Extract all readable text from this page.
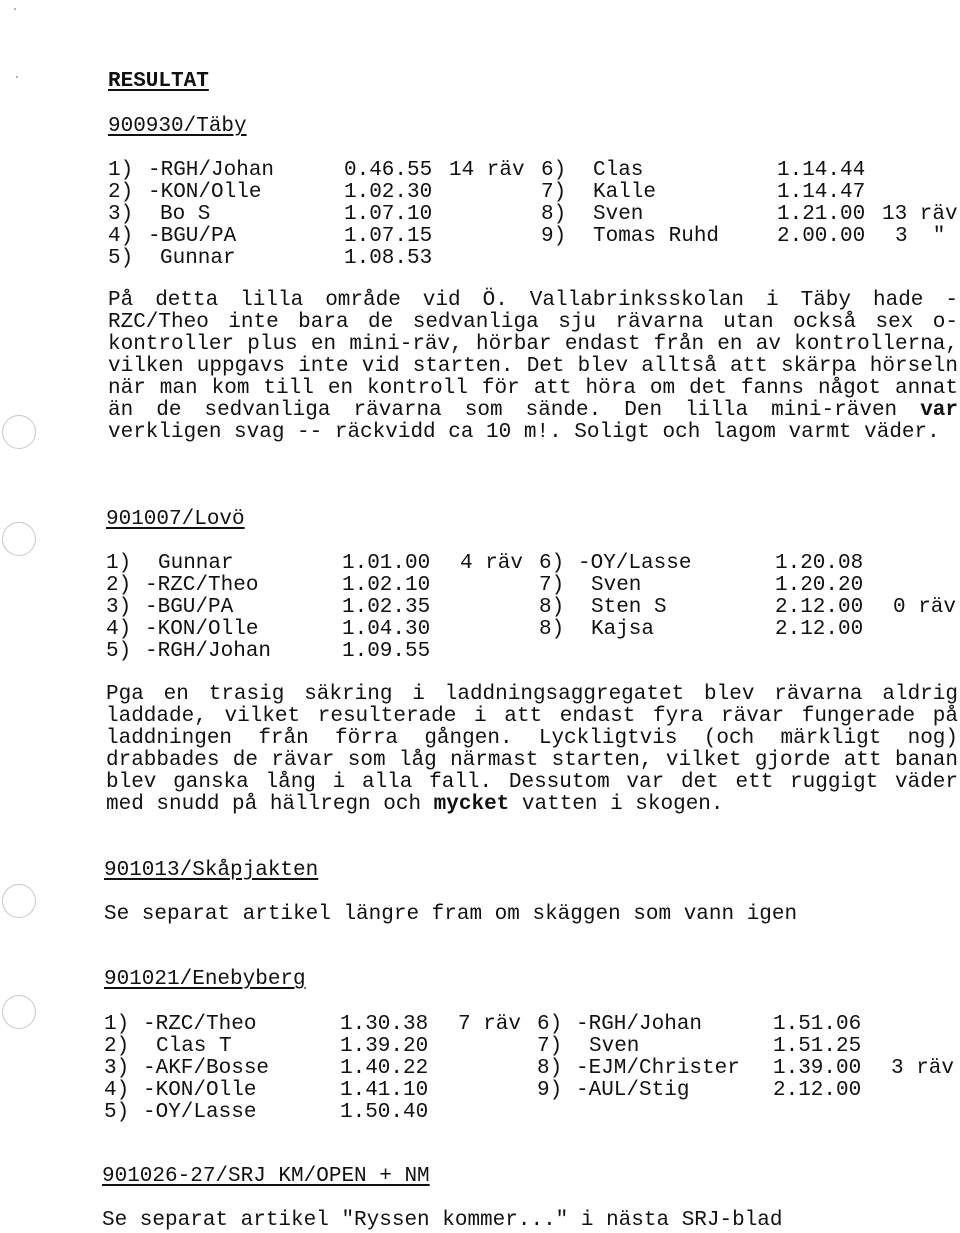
RESULTAT
900930/Täby
1) -RGH/Johan	0.46.55 14 räv
2) -KON/Olle	1.02.30
3) Bo S	1.07.10
4) -BGU/PA	1.07.15
5) Gunnar	1.08.53
6) Clas	1.14.44
7) Kalle	1.14.47
8) Sven	1.21.00 13 räv
9) Tomas Ruhd	2.00.00 3  "
På detta lilla område vid Ö. Vallabrinksskolan i Täby hade -RZC/Theo inte bara de sedvanliga sju rävarna utan också sex o-kontroller plus en mini-räv, hörbar endast från en av kontrollerna, vilken uppgavs inte vid starten. Det blev alltså att skärpa hörseln när man kom till en kontroll för att höra om det fanns något annat än de sedvanliga rävarna som sände. Den lilla mini-räven var verkligen svag -- räckvidd ca 10 m!. Soligt och lagom varmt väder.
901007/Lovö
1) Gunnar	1.01.00 4 räv
2) -RZC/Theo	1.02.10
3) -BGU/PA	1.02.35
4) -KON/Olle	1.04.30
5) -RGH/Johan	1.09.55
6) -OY/Lasse	1.20.08
7) Sven	1.20.20
8) Sten S	2.12.00 0 räv
8) Kajsa	2.12.00
Pga en trasig säkring i laddningsaggregatet blev rävarna aldrig laddade, vilket resulterade i att endast fyra rävar fungerade på laddningen från förra gången. Lyckligtvis (och märkligt nog) drabbades de rävar som låg närmast starten, vilket gjorde att banan blev ganska lång i alla fall. Dessutom var det ett ruggigt väder med snudd på hällregn och mycket vatten i skogen.
901013/Skåpjakten
Se separat artikel längre fram om skäggen som vann igen
901021/Enebyberg
1) -RZC/Theo	1.30.38 7 räv
2) Clas T	1.39.20
3) -AKF/Bosse	1.40.22
4) -KON/Olle	1.41.10
5) -OY/Lasse	1.50.40
6) -RGH/Johan	1.51.06
7) Sven	1.51.25
8) -EJM/Christer 1.39.00 3 räv
9) -AUL/Stig	2.12.00
901026-27/SRJ KM/OPEN + NM
Se separat artikel "Ryssen kommer..." i nästa SRJ-blad
